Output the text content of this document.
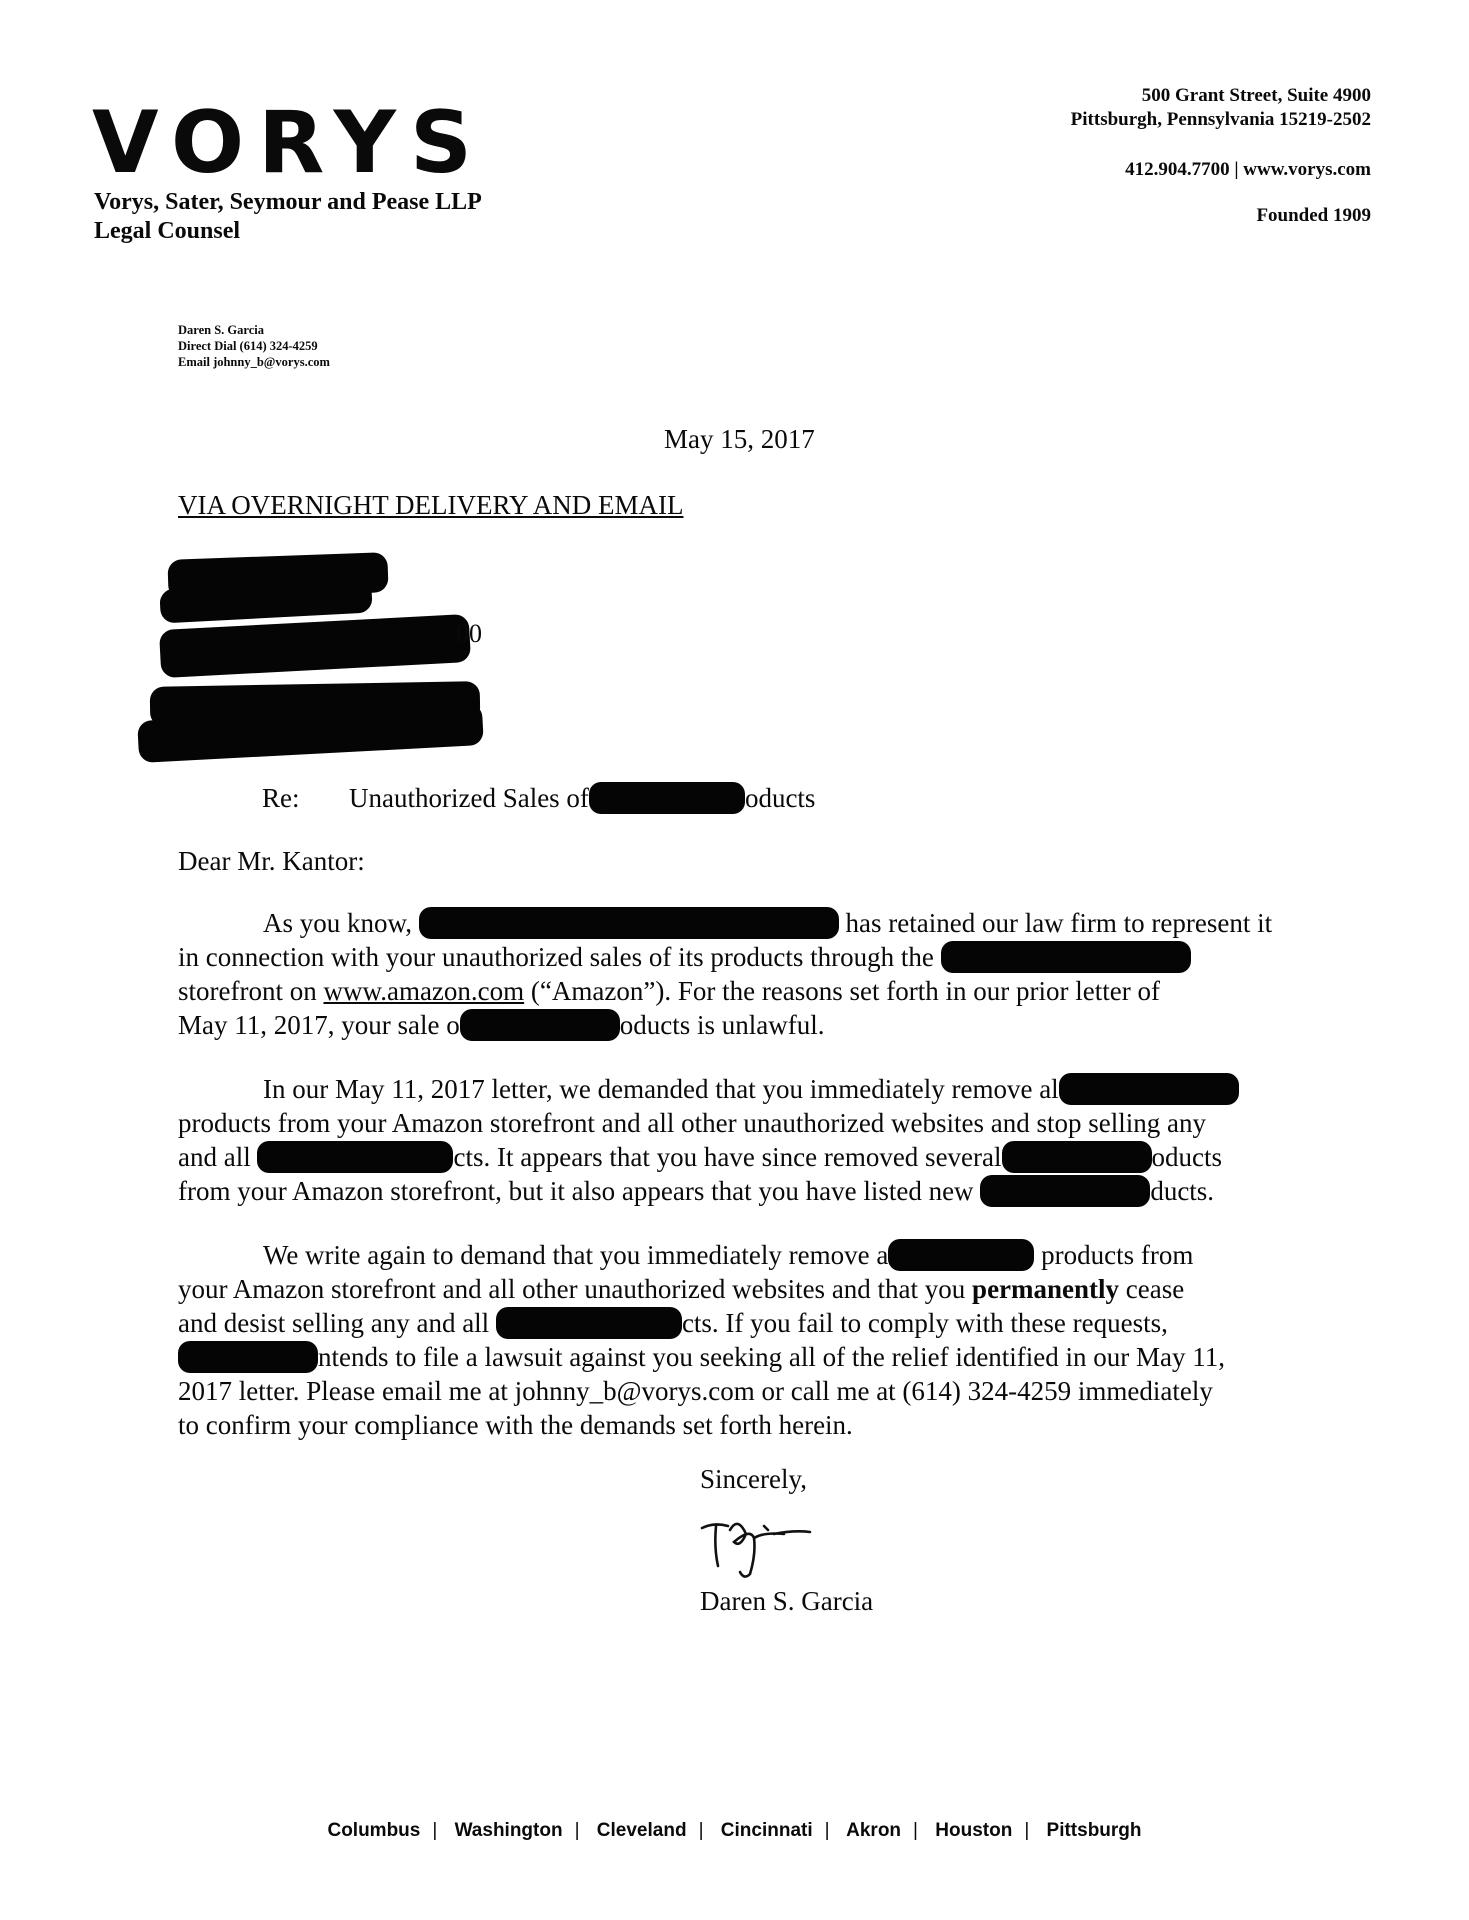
VORYS
Vorys, Sater, Seymour and Pease LLP
Legal Counsel
500 Grant Street, Suite 4900
Pittsburgh, Pennsylvania 15219-2502
412.904.7700 | www.vorys.com
Founded 1909
Daren S. Garcia
Direct Dial (614) 324-4259
Email johnny_b@vorys.com
May 15, 2017
VIA OVERNIGHT DELIVERY AND EMAIL
00
Re: Unauthorized Sales of	oducts
Dear Mr. Kantor:
As you know,	has retained our law firm to represent it
in connection with your unauthorized sales of its products through the
storefront on www.amazon.com (“Amazon”). For the reasons set forth in our prior letter of
May 11, 2017, your sale o	oducts is unlawful.
In our May 11, 2017 letter, we demanded that you immediately remove al
products from your Amazon storefront and all other unauthorized websites and stop selling any
and all	cts. It appears that you have since removed several	oducts
from your Amazon storefront, but it also appears that you have listed new	ducts.
We write again to demand that you immediately remove a	products from
your Amazon storefront and all other unauthorized websites and that you permanently cease
and desist selling any and all	cts. If you fail to comply with these requests,
ntends to file a lawsuit against you seeking all of the relief identified in our May 11,
2017 letter. Please email me at johnny_b@vorys.com or call me at (614) 324-4259 immediately
to confirm your compliance with the demands set forth herein.
Sincerely,
Daren S. Garcia
Columbus | Washington | Cleveland | Cincinnati | Akron | Houston | Pittsburgh
